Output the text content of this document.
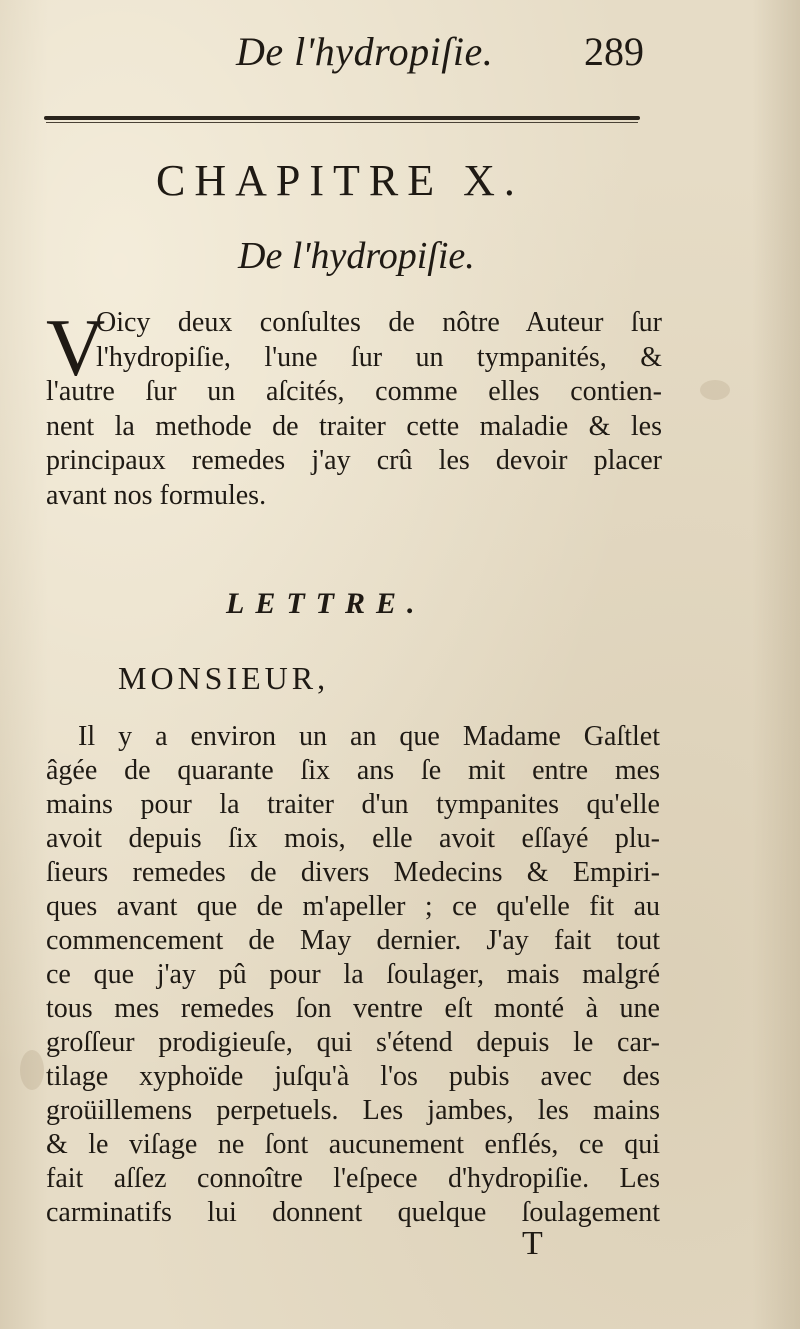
De l'hydropiſie. 289
CHAPITRE X.
De l'hydropiſie.
V
Oicy deux conſultes de nôtre Auteur ſur
l'hydropiſie, l'une ſur un tympanités, &
l'autre ſur un aſcités, comme elles contien-
nent la methode de traiter cette maladie & les
principaux remedes j'ay crû les devoir placer
avant nos formules.
LETTRE.
MONSIEUR,
Il y a environ un an que Madame Gaſtlet
âgée de quarante ſix ans ſe mit entre mes
mains pour la traiter d'un tympanites qu'elle
avoit depuis ſix mois, elle avoit eſſayé plu-
ſieurs remedes de divers Medecins & Empiri-
ques avant que de m'apeller ; ce qu'elle fit au
commencement de May dernier. J'ay fait tout
ce que j'ay pû pour la ſoulager, mais malgré
tous mes remedes ſon ventre eſt monté à une
groſſeur prodigieuſe, qui s'étend depuis le car-
tilage xyphoïde juſqu'à l'os pubis avec des
groüillemens perpetuels. Les jambes, les mains
& le viſage ne ſont aucunement enflés, ce qui
fait aſſez connoître l'eſpece d'hydropiſie. Les
carminatifs lui donnent quelque ſoulagement
T
